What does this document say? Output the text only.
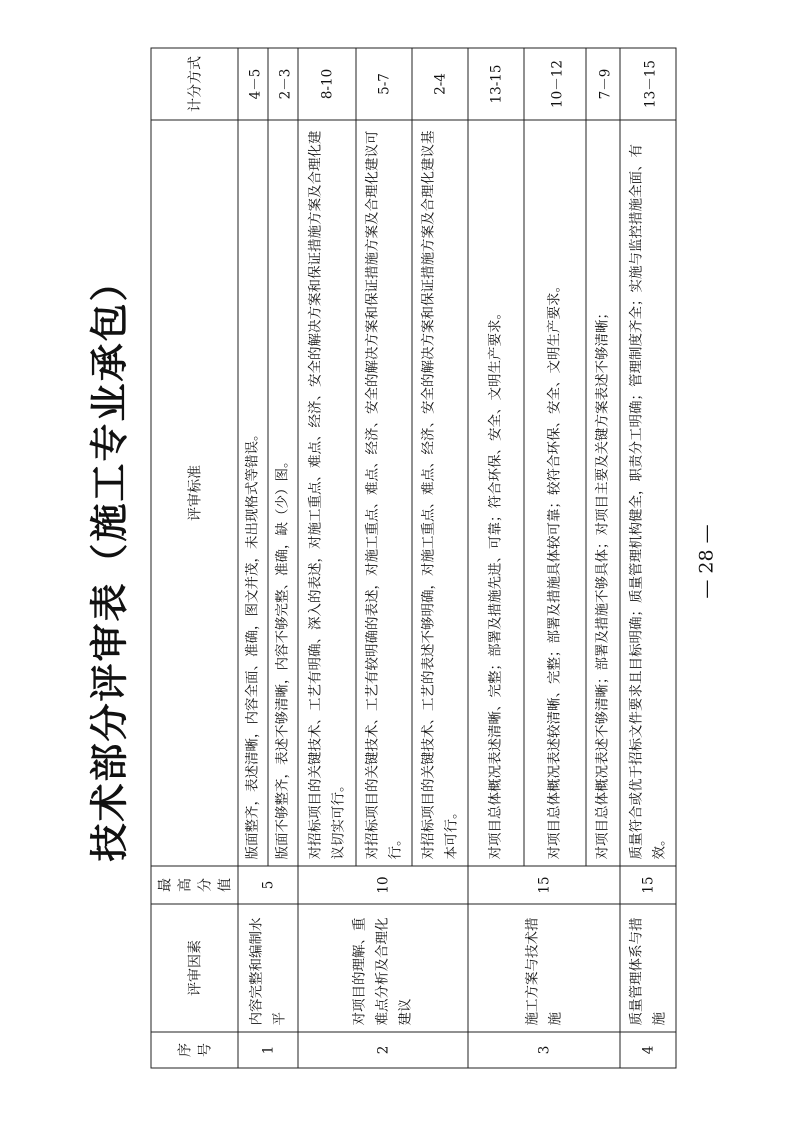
技术部分评审表（施工专业承包）
序号	评审因素	最高分值	评审标准	计分方式
1	内容完整和编制水平	5	版面整齐，表述清晰，内容全面、准确，图文并茂，未出现格式等错误。	4－5
			版面不够整齐，表述不够清晰，内容不够完整、准确，缺（少）图。	2－3
2	对项目的理解、重难点分析及合理化建议	10	对招标项目的关键技术、工艺有明确、深入的表述，对施工重点、难点、经济、安全的解决方案和保证措施方案及合理化建议切实可行。	8-10
			对招标项目的关键技术、工艺有较明确的表述，对施工重点、难点、经济、安全的解决方案和保证措施方案及合理化建议可行。	5-7
			对招标项目的关键技术、工艺的表述不够明确，对施工重点、难点、经济、安全的解决方案和保证措施方案及合理化建议基本可行。	2-4
3	施工方案与技术措施	15	对项目总体概况表述清晰、完整；部署及措施先进、可靠；符合环保、安全、文明生产要求。	13-15
			对项目总体概况表述较清晰、完整；部署及措施具体较可靠；较符合环保、安全、文明生产要求。	10－12
			对项目总体概况表述不够清晰；部署及措施不够具体；对项目主要及关键方案表述不够清晰；	7－9
4	质量管理体系与措施	15	质量符合或优于招标文件要求且目标明确；质量管理机构健全，职责分工明确；管理制度齐全；实施与监控措施全面、有效。	13－15
— 28 —
